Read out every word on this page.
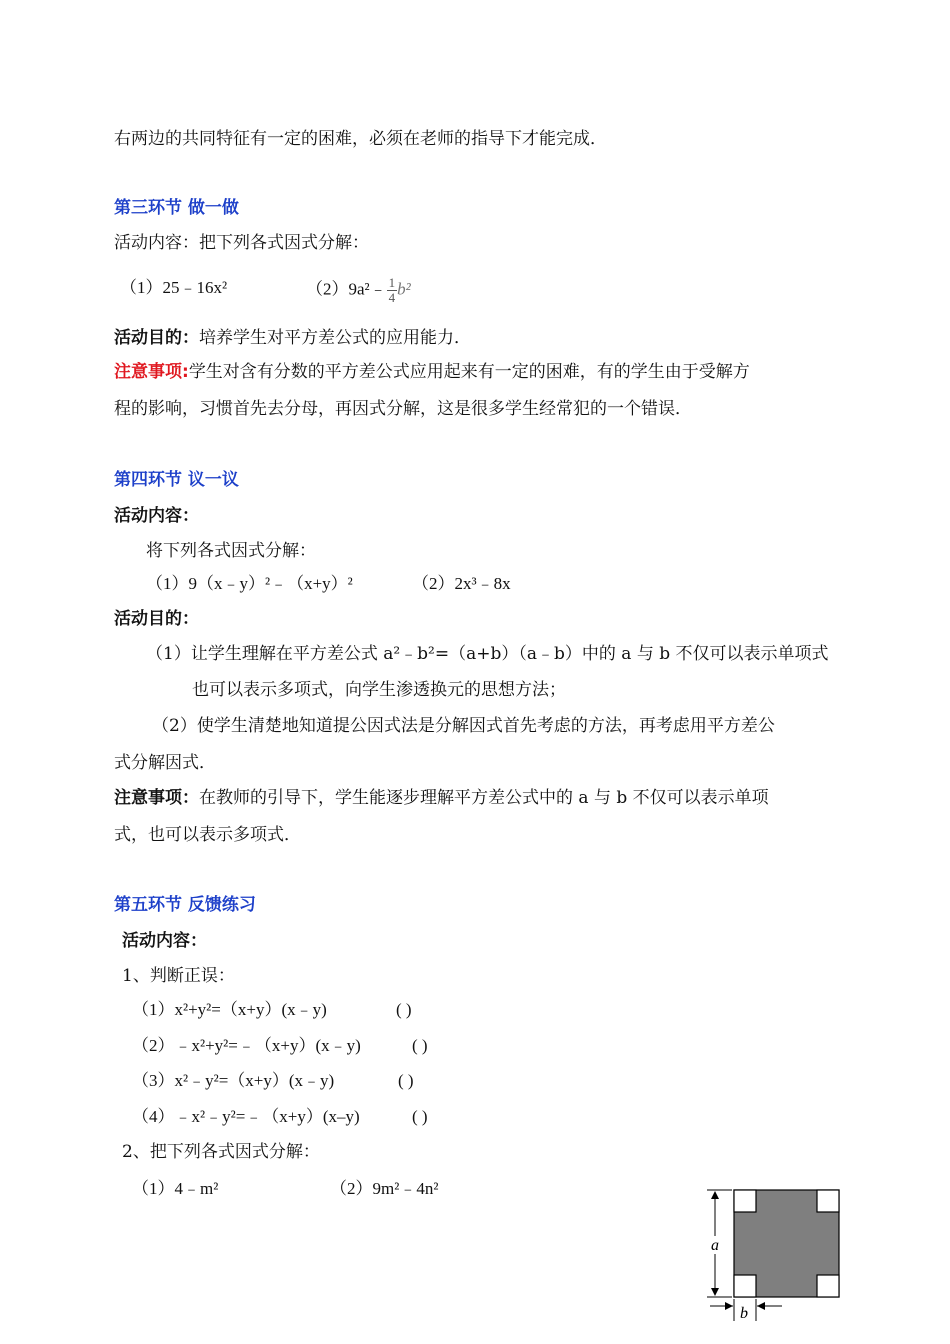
右两边的共同特征有一定的困难，必须在老师的指导下才能完成．
第三环节 做一做
活动内容：把下列各式因式分解：
（1）25﹣16x²	（2）9a²﹣ $\frac{1}{4} b^2$
活动目的：培养学生对平方差公式的应用能力．
注意事项:学生对含有分数的平方差公式应用起来有一定的困难，有的学生由于受解方
程的影响，习惯首先去分母，再因式分解，这是很多学生经常犯的一个错误．
第四环节 议一议
活动内容：
将下列各式因式分解：
（1）9（x﹣y）²﹣（x+y）²	（2）2x³﹣8x
活动目的：
（1）让学生理解在平方差公式 a²﹣b²=（a+b）（a﹣b）中的 a 与 b 不仅可以表示单项式
也可以表示多项式，向学生渗透换元的思想方法；
（2）使学生清楚地知道提公因式法是分解因式首先考虑的方法，再考虑用平方差公
式分解因式．
注意事项：在教师的引导下，学生能逐步理解平方差公式中的 a 与 b 不仅可以表示单项
式，也可以表示多项式．
第五环节 反馈练习
活动内容：
1、判断正误：
（1）x²+y²=（x+y）(x﹣y)	( )
（2）﹣x²+y²=﹣（x+y）(x﹣y)	( )
（3）x²﹣y²=（x+y）(x﹣y)	( )
（4）﹣x²﹣y²=﹣（x+y）(x–y)	( )
2、把下列各式因式分解：
（1）4﹣m²	（2）9m²﹣4n²
a
b
